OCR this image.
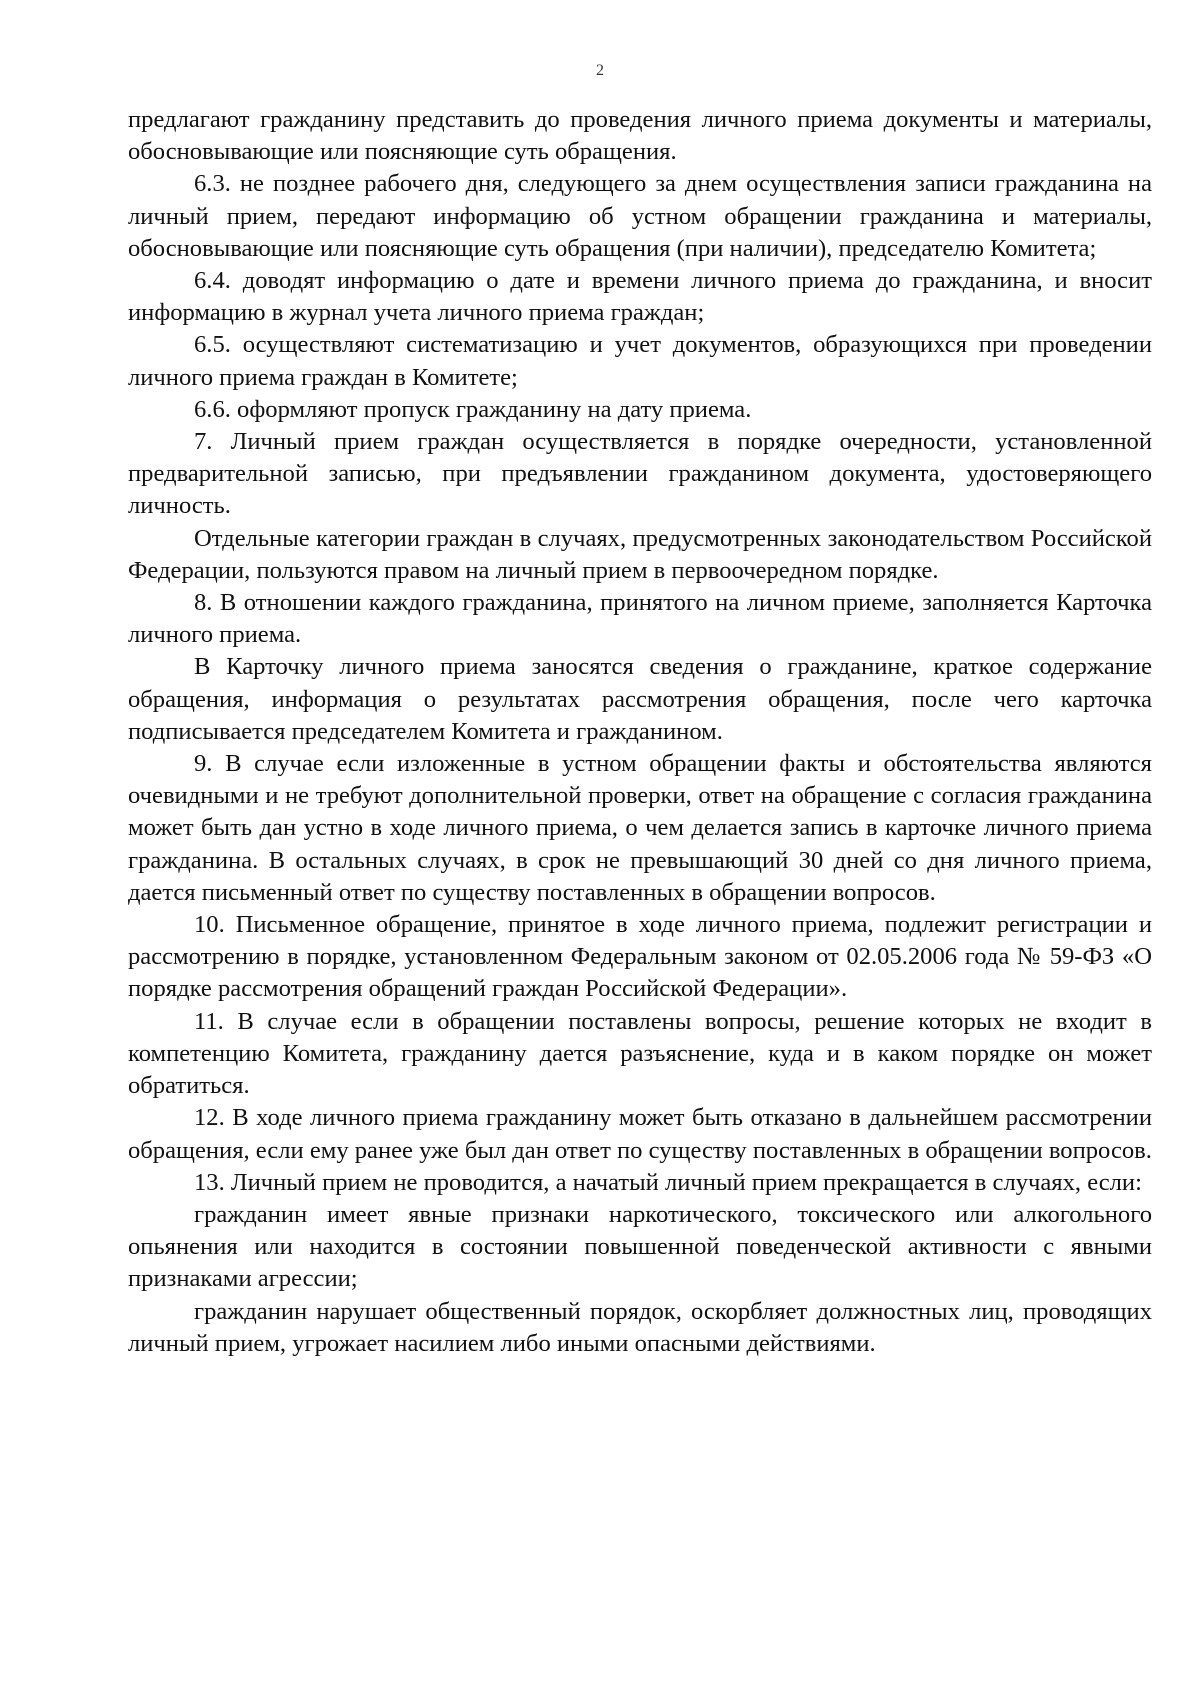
2

предлагают гражданину представить до проведения личного приема документы и материалы, обосновывающие или поясняющие суть обращения.

6.3. не позднее рабочего дня, следующего за днем осуществления записи гражданина на личный прием, передают информацию об устном обращении гражданина и материалы, обосновывающие или поясняющие суть обращения (при наличии), председателю Комитета;

6.4. доводят информацию о дате и времени личного приема до гражданина, и вносит информацию в журнал учета личного приема граждан;

6.5. осуществляют систематизацию и учет документов, образующихся при проведении личного приема граждан в Комитете;

6.6. оформляют пропуск гражданину на дату приема.

7. Личный прием граждан осуществляется в порядке очередности, установленной предварительной записью, при предъявлении гражданином документа, удостоверяющего личность.

Отдельные категории граждан в случаях, предусмотренных законодательством Российской Федерации, пользуются правом на личный прием в первоочередном порядке.

8. В отношении каждого гражданина, принятого на личном приеме, заполняется Карточка личного приема.

В Карточку личного приема заносятся сведения о гражданине, краткое содержание обращения, информация о результатах рассмотрения обращения, после чего карточка подписывается председателем Комитета и гражданином.

9. В случае если изложенные в устном обращении факты и обстоятельства являются очевидными и не требуют дополнительной проверки, ответ на обращение с согласия гражданина может быть дан устно в ходе личного приема, о чем делается запись в карточке личного приема гражданина. В остальных случаях, в срок не превышающий 30 дней со дня личного приема, дается письменный ответ по существу поставленных в обращении вопросов.

10. Письменное обращение, принятое в ходе личного приема, подлежит регистрации и рассмотрению в порядке, установленном Федеральным законом от 02.05.2006 года № 59-ФЗ «О порядке рассмотрения обращений граждан Российской Федерации».

11. В случае если в обращении поставлены вопросы, решение которых не входит в компетенцию Комитета, гражданину дается разъяснение, куда и в каком порядке он может обратиться.

12. В ходе личного приема гражданину может быть отказано в дальнейшем рассмотрении обращения, если ему ранее уже был дан ответ по существу поставленных в обращении вопросов.

13. Личный прием не проводится, а начатый личный прием прекращается в случаях, если:

гражданин имеет явные признаки наркотического, токсического или алкогольного опьянения или находится в состоянии повышенной поведенческой активности с явными признаками агрессии;

гражданин нарушает общественный порядок, оскорбляет должностных лиц, проводящих личный прием, угрожает насилием либо иными опасными действиями.
